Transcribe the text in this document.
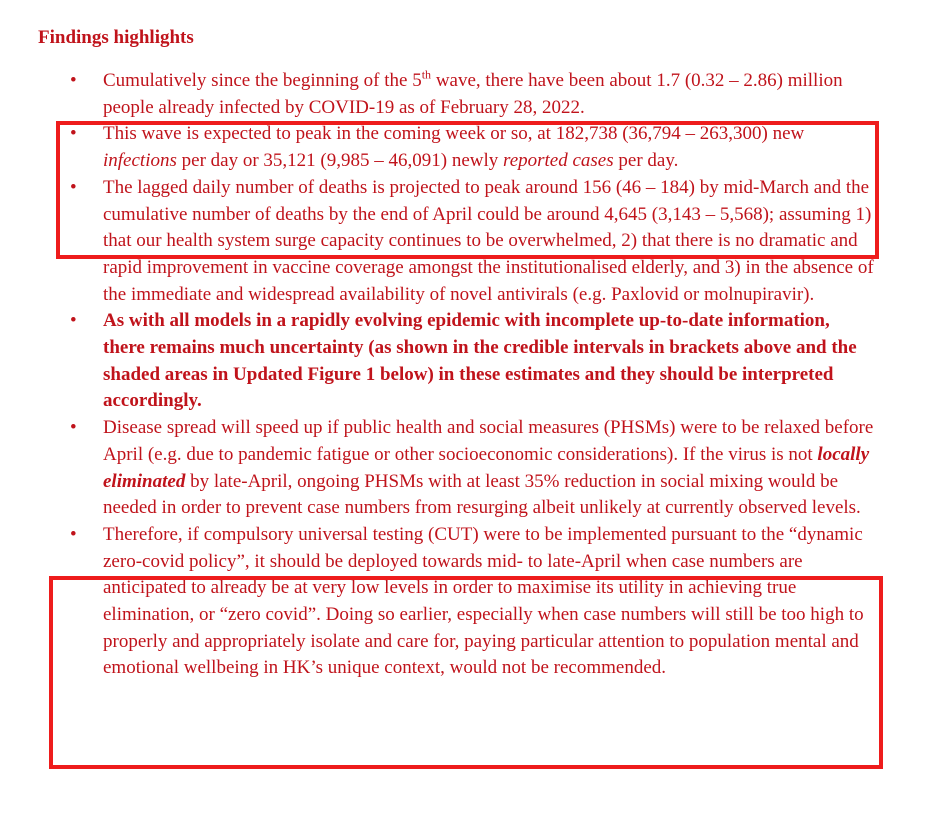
Findings highlights
• Cumulatively since the beginning of the 5th wave, there have been about 1.7 (0.32 – 2.86) million people already infected by COVID-19 as of February 28, 2022.
• This wave is expected to peak in the coming week or so, at 182,738 (36,794 – 263,300) new infections per day or 35,121 (9,985 – 46,091) newly reported cases per day.
• The lagged daily number of deaths is projected to peak around 156 (46 – 184) by mid-March and the cumulative number of deaths by the end of April could be around 4,645 (3,143 – 5,568); assuming 1) that our health system surge capacity continues to be overwhelmed, 2) that there is no dramatic and rapid improvement in vaccine coverage amongst the institutionalised elderly, and 3) in the absence of the immediate and widespread availability of novel antivirals (e.g. Paxlovid or molnupiravir).
• As with all models in a rapidly evolving epidemic with incomplete up-to-date information, there remains much uncertainty (as shown in the credible intervals in brackets above and the shaded areas in Updated Figure 1 below) in these estimates and they should be interpreted accordingly.
• Disease spread will speed up if public health and social measures (PHSMs) were to be relaxed before April (e.g. due to pandemic fatigue or other socioeconomic considerations). If the virus is not locally eliminated by late-April, ongoing PHSMs with at least 35% reduction in social mixing would be needed in order to prevent case numbers from resurging albeit unlikely at currently observed levels.
• Therefore, if compulsory universal testing (CUT) were to be implemented pursuant to the “dynamic zero-covid policy”, it should be deployed towards mid- to late-April when case numbers are anticipated to already be at very low levels in order to maximise its utility in achieving true elimination, or “zero covid”. Doing so earlier, especially when case numbers will still be too high to properly and appropriately isolate and care for, paying particular attention to population mental and emotional wellbeing in HK’s unique context, would not be recommended.
